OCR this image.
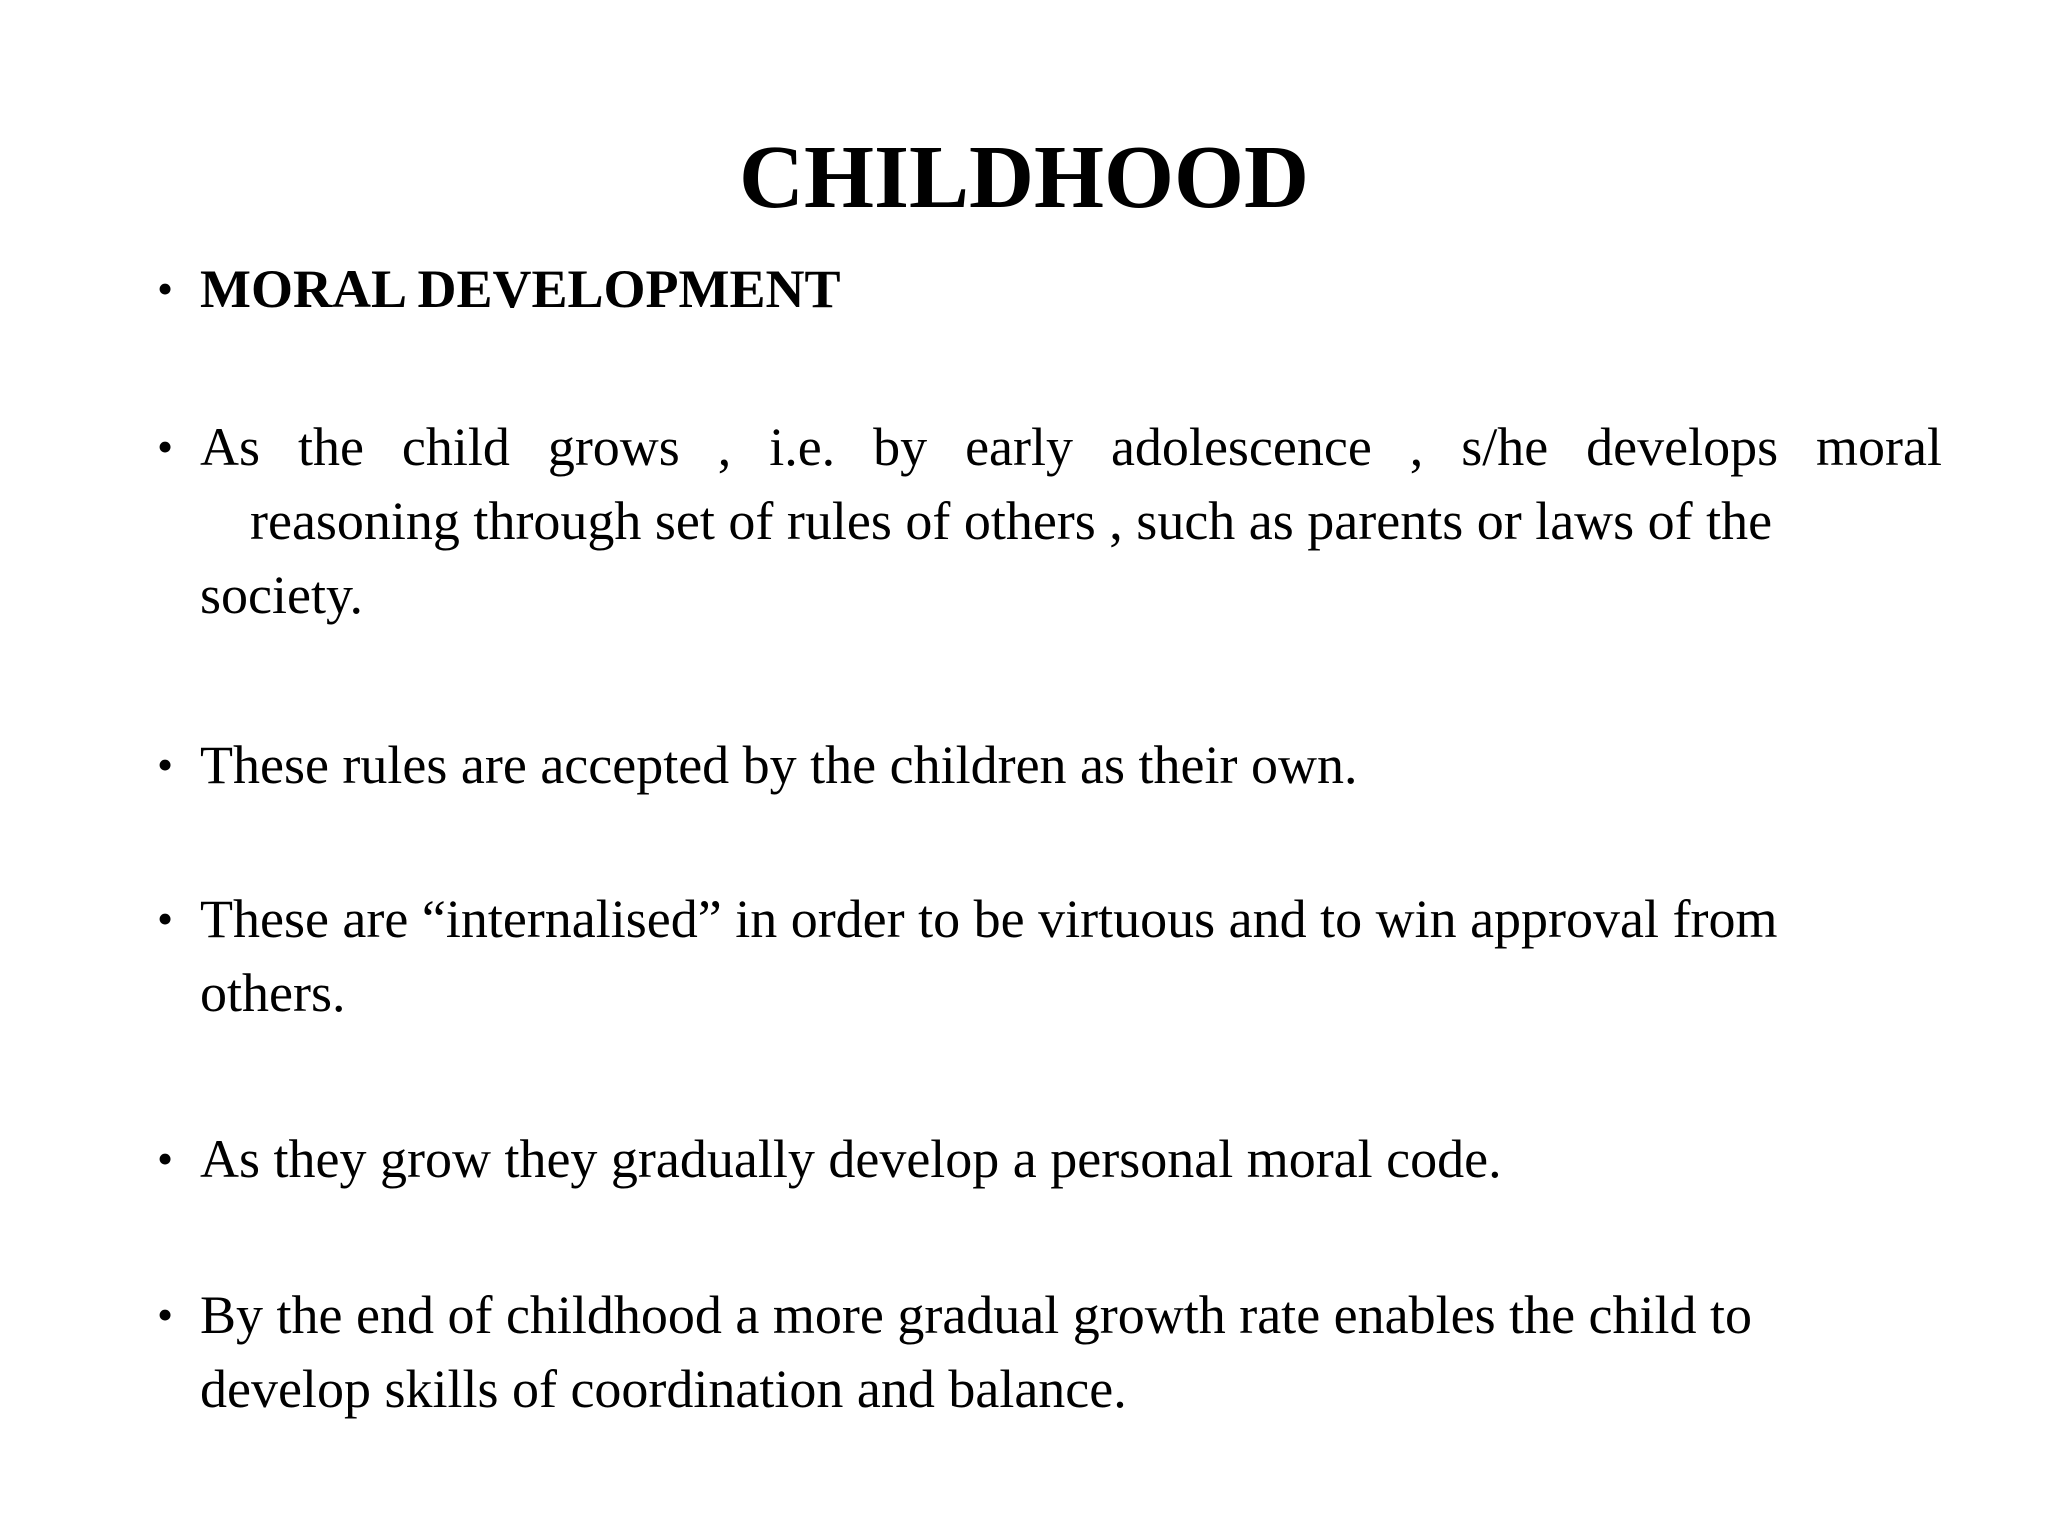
CHILDHOOD
• MORAL DEVELOPMENT
• As the child grows , i.e. by early adolescence , s/he develops moral
reasoning through set of rules of others , such as parents or laws of the
society.
• These rules are accepted by the children as their own.
• These are “internalised” in order to be virtuous and to win approval from
others.
• As they grow they gradually develop a personal moral code.
• By the end of childhood a more gradual growth rate enables the child to
develop skills of coordination and balance.
